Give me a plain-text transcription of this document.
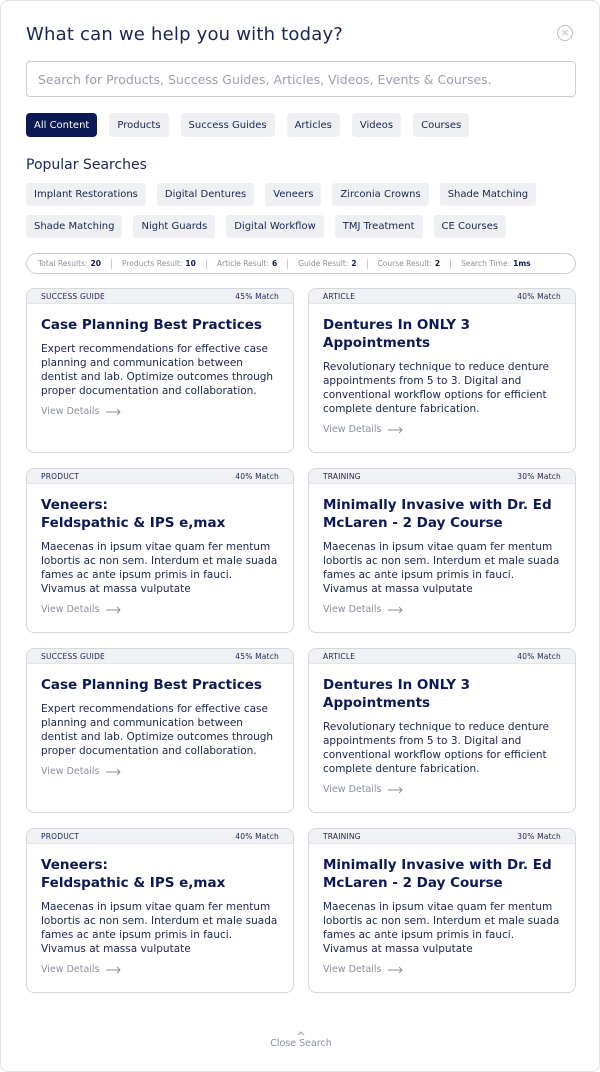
What can we help you with today?	×
Search for Products, Success Guides, Articles, Videos, Events & Courses.
All Content	Products	Success Guides	Articles	Videos	Courses
Popular Searches
Implant Restorations	Digital Dentures	Veneers	Zirconia Crowns	Shade Matching
Shade Matching	Night Guards	Digital Workflow	TMJ Treatment	CE Courses
Total Results: 20	Products Result: 10	Article Result: 6	Guide Result: 2	Course Result: 2	Search Time: 1ms
SUCCESS GUIDE	45% Match
Case Planning Best Practices
Expert recommendations for effective case planning and communication between dentist and lab. Optimize outcomes through proper documentation and collaboration.
View Details
ARTICLE	40% Match
Dentures In ONLY 3 Appointments
Revolutionary technique to reduce denture appointments from 5 to 3. Digital and conventional workflow options for efficient complete denture fabrication.
View Details
PRODUCT	40% Match
Veneers:
Feldspathic & IPS e,max
Maecenas in ipsum vitae quam fer mentum lobortis ac non sem. Interdum et male suada fames ac ante ipsum primis in fauci. Vivamus at massa vulputate
View Details
TRAINING	30% Match
Minimally Invasive with Dr. Ed McLaren - 2 Day Course
Maecenas in ipsum vitae quam fer mentum lobortis ac non sem. Interdum et male suada fames ac ante ipsum primis in fauci. Vivamus at massa vulputate
View Details
SUCCESS GUIDE	45% Match
Case Planning Best Practices
Expert recommendations for effective case planning and communication between dentist and lab. Optimize outcomes through proper documentation and collaboration.
View Details
ARTICLE	40% Match
Dentures In ONLY 3 Appointments
Revolutionary technique to reduce denture appointments from 5 to 3. Digital and conventional workflow options for efficient complete denture fabrication.
View Details
PRODUCT	40% Match
Veneers:
Feldspathic & IPS e,max
Maecenas in ipsum vitae quam fer mentum lobortis ac non sem. Interdum et male suada fames ac ante ipsum primis in fauci. Vivamus at massa vulputate
View Details
TRAINING	30% Match
Minimally Invasive with Dr. Ed McLaren - 2 Day Course
Maecenas in ipsum vitae quam fer mentum lobortis ac non sem. Interdum et male suada fames ac ante ipsum primis in fauci. Vivamus at massa vulputate
View Details
Close Search
